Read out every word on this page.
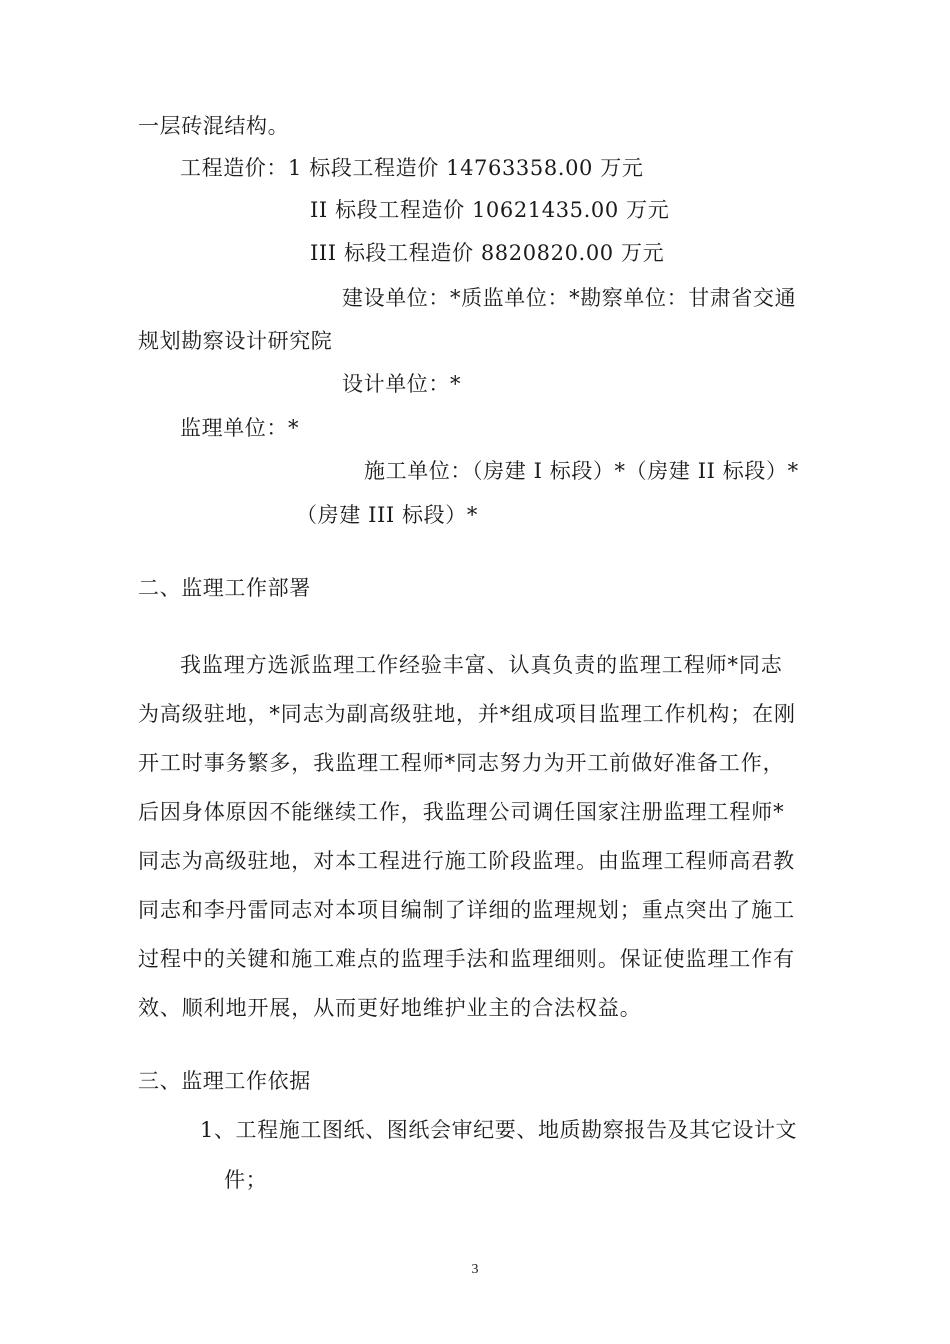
一层砖混结构。
工程造价：1 标段工程造价 14763358.00 万元
II 标段工程造价 10621435.00 万元
III 标段工程造价 8820820.00 万元
建设单位：*质监单位：*勘察单位：甘肃省交通
规划勘察设计研究院
设计单位：*
监理单位：*
施工单位：（房建 I 标段）*（房建 II 标段）*
（房建 III 标段）*
二、监理工作部署
我监理方选派监理工作经验丰富、认真负责的监理工程师*同志
为高级驻地，*同志为副高级驻地，并*组成项目监理工作机构；在刚
开工时事务繁多，我监理工程师*同志努力为开工前做好准备工作，
后因身体原因不能继续工作，我监理公司调任国家注册监理工程师*
同志为高级驻地，对本工程进行施工阶段监理。由监理工程师高君教
同志和李丹雷同志对本项目编制了详细的监理规划；重点突出了施工
过程中的关键和施工难点的监理手法和监理细则。保证使监理工作有
效、顺利地开展，从而更好地维护业主的合法权益。
三、监理工作依据
1、工程施工图纸、图纸会审纪要、地质勘察报告及其它设计文
件；
3
